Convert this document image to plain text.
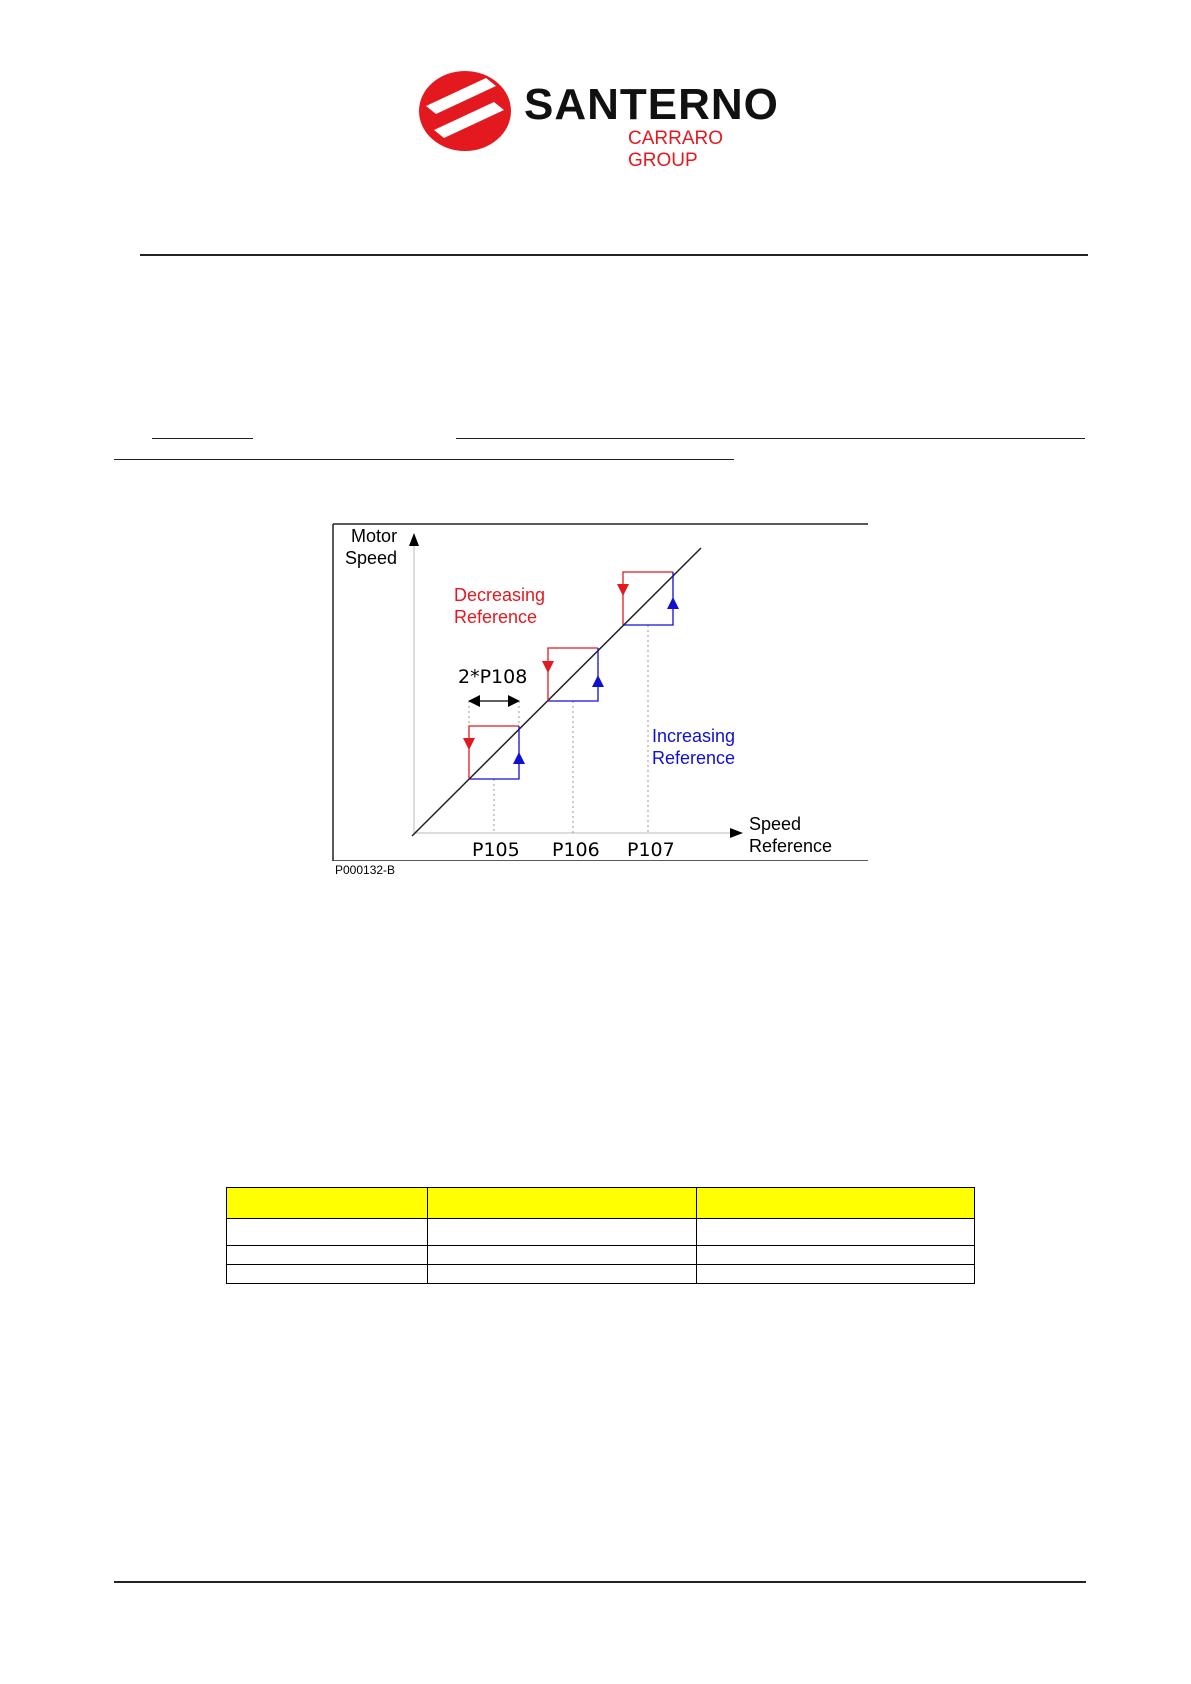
SANTERNO
CARRARO GROUP
Motor
Speed
Decreasing
Reference
2*P108
Increasing
Reference
Speed
Reference
P105 P106 P107
P000132-B
